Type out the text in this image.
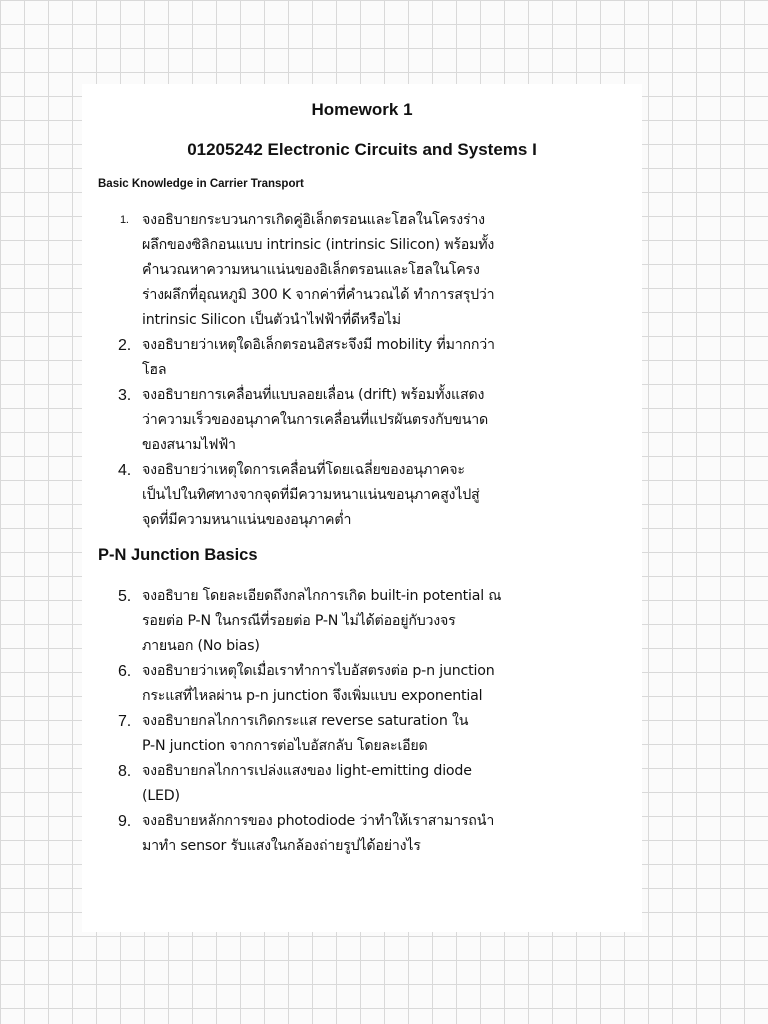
Homework 1
01205242 Electronic Circuits and Systems I
Basic Knowledge in Carrier Transport
1. จงอธิบายกระบวนการเกิดคู่อิเล็กตรอนและโฮลในโครงร่าง
ผลึกของซิลิกอนแบบ intrinsic (intrinsic Silicon) พร้อมทั้ง
คำนวณหาความหนาแน่นของอิเล็กตรอนและโฮลในโครง
ร่างผลึกที่อุณหภูมิ 300 K จากค่าที่คำนวณได้ ทำการสรุปว่า
intrinsic Silicon เป็นตัวนำไฟฟ้าที่ดีหรือไม่
2. จงอธิบายว่าเหตุใดอิเล็กตรอนอิสระจึงมี mobility ที่มากกว่า
โฮล
3. จงอธิบายการเคลื่อนที่แบบลอยเลื่อน (drift) พร้อมทั้งแสดง
ว่าความเร็วของอนุภาคในการเคลื่อนที่แปรผันตรงกับขนาด
ของสนามไฟฟ้า
4. จงอธิบายว่าเหตุใดการเคลื่อนที่โดยเฉลี่ยของอนุภาคจะ
เป็นไปในทิศทางจากจุดที่มีความหนาแน่นขอนุภาคสูงไปสู่
จุดที่มีความหนาแน่นของอนุภาคต่ำ
P-N Junction Basics
5. จงอธิบาย โดยละเอียดถึงกลไกการเกิด built-in potential ณ
รอยต่อ P-N ในกรณีที่รอยต่อ P-N ไม่ได้ต่ออยู่กับวงจร
ภายนอก (No bias)
6. จงอธิบายว่าเหตุใดเมื่อเราทำการไบอัสตรงต่อ p-n junction
กระแสที่ไหลผ่าน p-n junction จึงเพิ่มแบบ exponential
7. จงอธิบายกลไกการเกิดกระแส reverse saturation ใน
P-N junction จากการต่อไบอัสกลับ โดยละเอียด
8. จงอธิบายกลไกการเปล่งแสงของ light-emitting diode
(LED)
9. จงอธิบายหลักการของ photodiode ว่าทำให้เราสามารถนำ
มาทำ sensor รับแสงในกล้องถ่ายรูปได้อย่างไร
